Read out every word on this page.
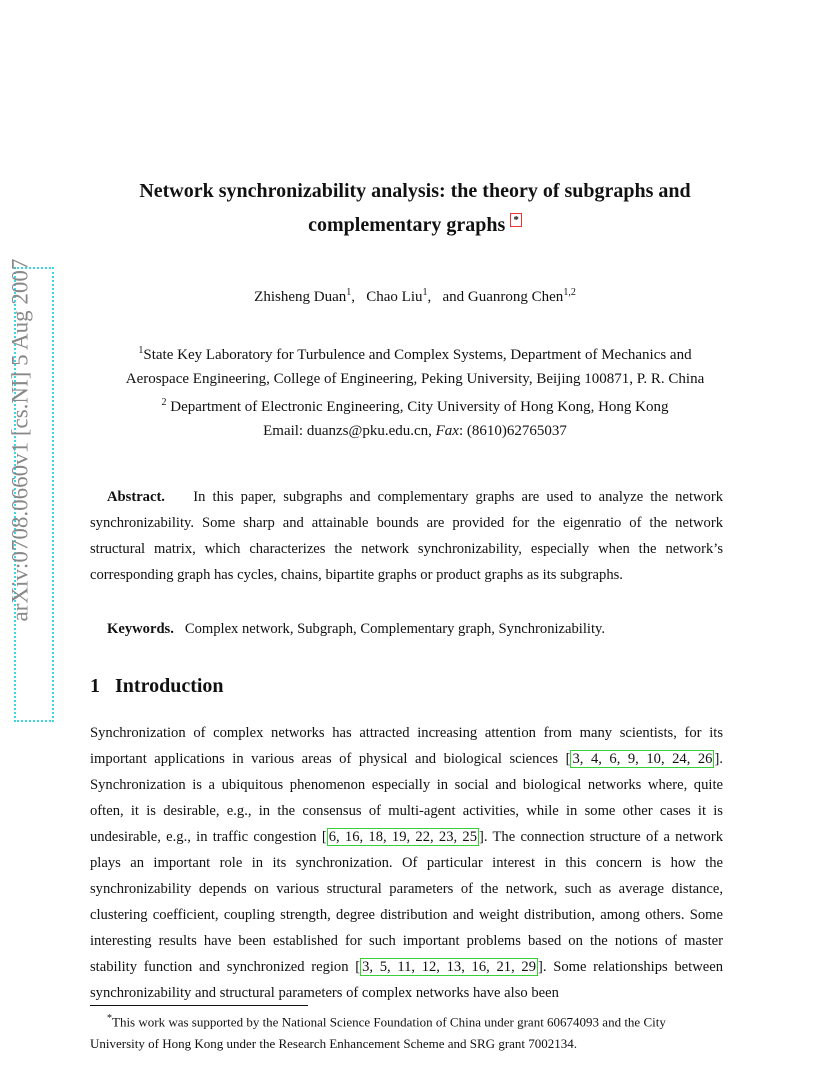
arXiv:0708.0660v1 [cs.NI] 5 Aug 2007
Network synchronizability analysis: the theory of subgraphs and
complementary graphs *
Zhisheng Duan$^1$,   Chao Liu$^1$,   and Guanrong Chen$^{1,2}$
$^1$State Key Laboratory for Turbulence and Complex Systems, Department of Mechanics and
Aerospace Engineering, College of Engineering, Peking University, Beijing 100871, P. R. China
$^2$ Department of Electronic Engineering, City University of Hong Kong, Hong Kong
Email: duanzs@pku.edu.cn, Fax: (8610)62765037
Abstract. In this paper, subgraphs and complementary graphs are used to analyze the network synchronizability. Some sharp and attainable bounds are provided for the eigenratio of the network structural matrix, which characterizes the network synchronizability, especially when the network’s corresponding graph has cycles, chains, bipartite graphs or product graphs as its subgraphs.
Keywords. Complex network, Subgraph, Complementary graph, Synchronizability.
1 Introduction
Synchronization of complex networks has attracted increasing attention from many scientists, for its important applications in various areas of physical and biological sciences [ 3, 4, 6, 9, 10, 24, 26 ]. Synchronization is a ubiquitous phenomenon especially in social and biological networks where, quite often, it is desirable, e.g., in the consensus of multi-agent activities, while in some other cases it is undesirable, e.g., in traffic congestion [ 6, 16, 18, 19, 22, 23, 25 ]. The connection structure of a network plays an important role in its synchronization. Of particular interest in this concern is how the synchronizability depends on various structural parameters of the network, such as average distance, clustering coefficient, coupling strength, degree distribution and weight distribution, among others. Some interesting results have been established for such important problems based on the notions of master stability function and synchronized region [ 3, 5, 11, 12, 13, 16, 21, 29 ]. Some relationships between synchronizability and structural parameters of complex networks have also been
*This work was supported by the National Science Foundation of China under grant 60674093 and the City University of Hong Kong under the Research Enhancement Scheme and SRG grant 7002134.
